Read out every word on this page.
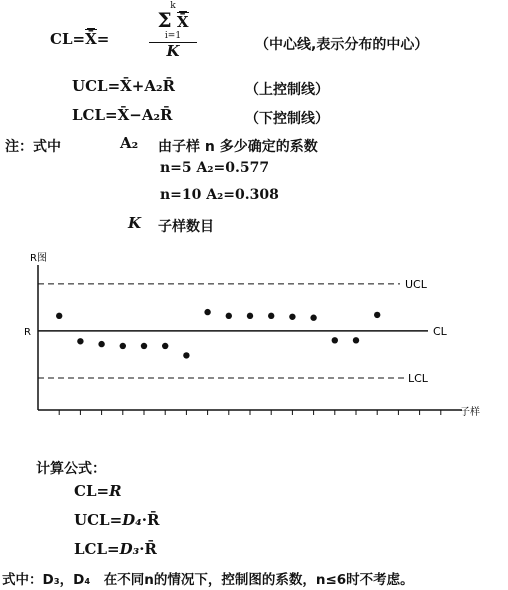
CL=X̄=
k
Σ X̄
i=1
K	（中心线,表示分布的中心）
UCL=X̄+A₂R̄	（上控制线）
LCL=X̄−A₂R̄	（下控制线）
注：式中	A₂ 由子样 n 多少确定的系数
n=5 A₂=0.577
n=10 A₂=0.308
K 子样数目
R图
R
UCL
CL
LCL
子样
计算公式：
CL=R
UCL=D₄·R̄
LCL=D₃·R̄
式中：D₃，D₄　在不同n的情况下，控制图的系数，n≤6时不考虑。
